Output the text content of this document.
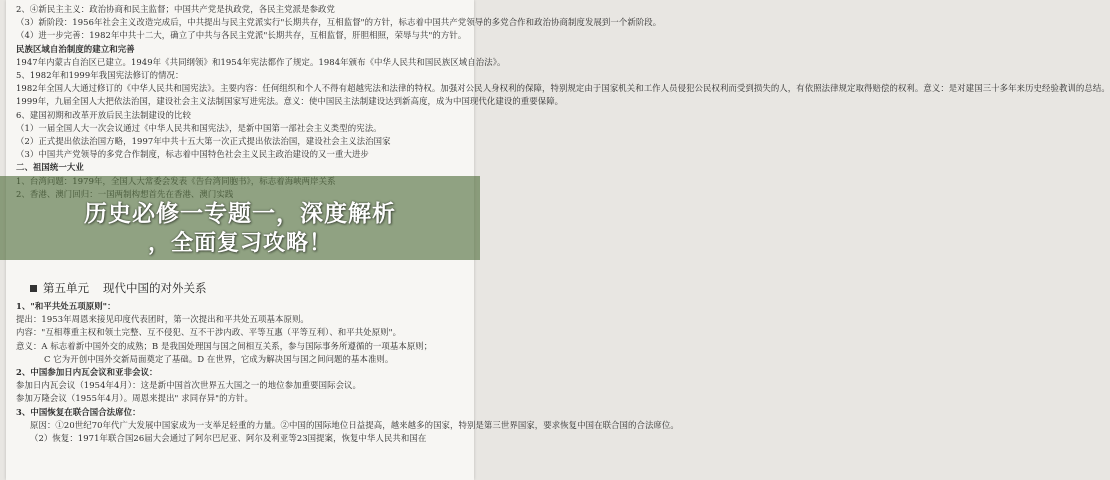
2、④新民主主义：政治协商和民主监督；中国共产党是执政党，各民主党派是参政党
（3）新阶段：1956年社会主义改造完成后，中共提出与民主党派实行"长期共存，互相监督"的方针，标志着中国共产党领导的多党合作和政治协商制度发展到一个新阶段。
（4）进一步完善：1982年中共十二大，确立了中共与各民主党派"长期共存，互相监督，肝胆相照，荣辱与共"的方针。
民族区域自治制度的建立和完善
1947年内蒙古自治区已建立。1949年《共同纲领》和1954年宪法都作了规定。1984年颁布《中华人民共和国民族区域自治法》。
5、1982年和1999年我国宪法修订的情况：
1982年全国人大通过修订的《中华人民共和国宪法》。主要内容：任何组织和个人不得有超越宪法和法律的特权。加强对公民人身权利的保障，特别规定由于国家机关和工作人员侵犯公民权利而受到损失的人，有依照法律规定取得赔偿的权利。意义：是对建国三十多年来历史经验教训的总结。
1999年，九届全国人大把依法治国，建设社会主义法制国家写进宪法。意义：使中国民主法制建设达到新高度，成为中国现代化建设的重要保障。
6、建国初期和改革开放后民主法制建设的比较
（1）一届全国人大一次会议通过《中华人民共和国宪法》，是新中国第一部社会主义类型的宪法。
（2）正式提出依法治国方略，1997年中共十五大第一次正式提出依法治国，建设社会主义法治国家
（3）中国共产党领导的多党合作制度，标志着中国特色社会主义民主政治建设的又一重大进步
二、祖国统一大业
第五单元 现代中国的对外关系
1、"和平共处五项原则"：
提出：1953年周恩来接见印度代表团时，第一次提出和平共处五项基本原则。
内容："互相尊重主权和领土完整、互不侵犯、互不干涉内政、平等互惠（平等互利）、和平共处原则"。
意义：A 标志着新中国外交的成熟；B 是我国处理国与国之间相互关系，参与国际事务所遵循的一项基本原则；
C 它为开创中国外交新局面奠定了基础。D 在世界，它成为解决国与国之间问题的基本准则。
2、中国参加日内瓦会议和亚非会议：
参加日内瓦会议（1954年4月）：这是新中国首次世界五大国之一的地位参加重要国际会议。
参加万隆会议（1955年4月）。周恩来提出" 求同存异"的方针。
3、中国恢复在联合国合法席位：
原因：①20世纪70年代广大发展中国家成为一支举足轻重的力量。②中国的国际地位日益提高，越来越多的国家，特别是第三世界国家，要求恢复中国在联合国的合法席位。
（2）恢复：1971年联合国26届大会通过了阿尔巴尼亚、阿尔及利亚等23国提案，恢复中华人民共和国在
历史必修一专题一，深度解析
，全面复习攻略！
